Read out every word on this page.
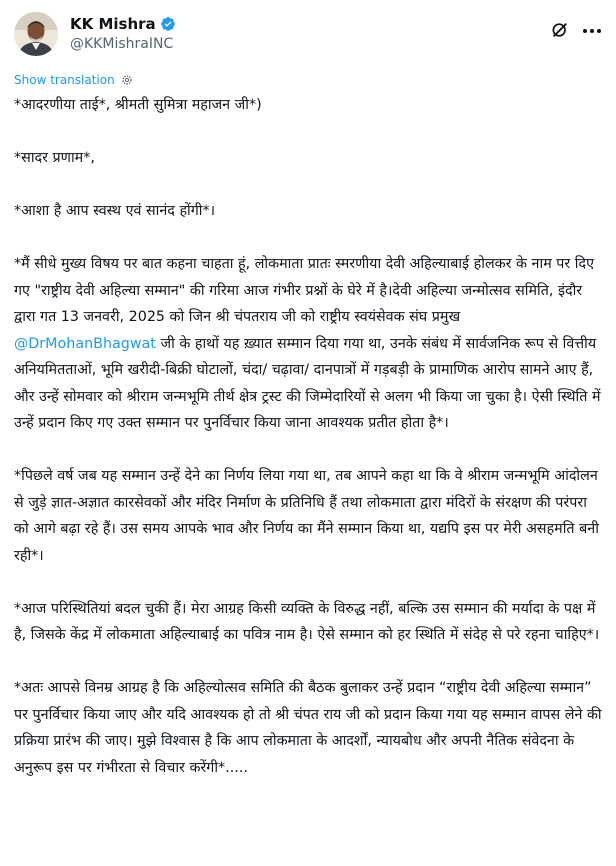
KK Mishra
@KKMishraINC
Show translation

*आदरणीया ताई*, श्रीमती सुमित्रा महाजन जी*)

*सादर प्रणाम*,

*आशा है आप स्वस्थ एवं सानंद होंगी*।

*मैं सीधे मुख्य विषय पर बात कहना चाहता हूं, लोकमाता प्रातः स्मरणीया देवी अहिल्याबाई होलकर के नाम पर दिए गए "राष्ट्रीय देवी अहिल्या सम्मान" की गरिमा आज गंभीर प्रश्नों के घेरे में है।देवी अहिल्या जन्मोत्सव समिति, इंदौर द्वारा गत 13 जनवरी, 2025 को जिन श्री चंपतराय जी को राष्ट्रीय स्वयंसेवक संघ प्रमुख @DrMohanBhagwat जी के हाथों यह ख़्यात सम्मान दिया गया था, उनके संबंध में सार्वजनिक रूप से वित्तीय अनियमितताओं, भूमि खरीदी-बिक्री घोटालों, चंदा/ चढ़ावा/ दानपात्रों में गड़बड़ी के प्रामाणिक आरोप सामने आए हैं, और उन्हें सोमवार को श्रीराम जन्मभूमि तीर्थ क्षेत्र ट्रस्ट की जिम्मेदारियों से अलग भी किया जा चुका है। ऐसी स्थिति में उन्हें प्रदान किए गए उक्त सम्मान पर पुनर्विचार किया जाना आवश्यक प्रतीत होता है*।

*पिछले वर्ष जब यह सम्मान उन्हें देने का निर्णय लिया गया था, तब आपने कहा था कि वे श्रीराम जन्मभूमि आंदोलन से जुड़े ज्ञात-अज्ञात कारसेवकों और मंदिर निर्माण के प्रतिनिधि हैं तथा लोकमाता द्वारा मंदिरों के संरक्षण की परंपरा को आगे बढ़ा रहे हैं। उस समय आपके भाव और निर्णय का मैंने सम्मान किया था, यद्यपि इस पर मेरी असहमति बनी रही*।

*आज परिस्थितियां बदल चुकी हैं। मेरा आग्रह किसी व्यक्ति के विरुद्ध नहीं, बल्कि उस सम्मान की मर्यादा के पक्ष में है, जिसके केंद्र में लोकमाता अहिल्याबाई का पवित्र नाम है। ऐसे सम्मान को हर स्थिति में संदेह से परे रहना चाहिए*।

*अतः आपसे विनम्र आग्रह है कि अहिल्योत्सव समिति की बैठक बुलाकर उन्हें प्रदान “राष्ट्रीय देवी अहिल्या सम्मान” पर पुनर्विचार किया जाए और यदि आवश्यक हो तो श्री चंपत राय जी को प्रदान किया गया यह सम्मान वापस लेने की प्रक्रिया प्रारंभ की जाए। मुझे विश्वास है कि आप लोकमाता के आदर्शों, न्यायबोध और अपनी नैतिक संवेदना के अनुरूप इस पर गंभीरता से विचार करेंगी*.....
